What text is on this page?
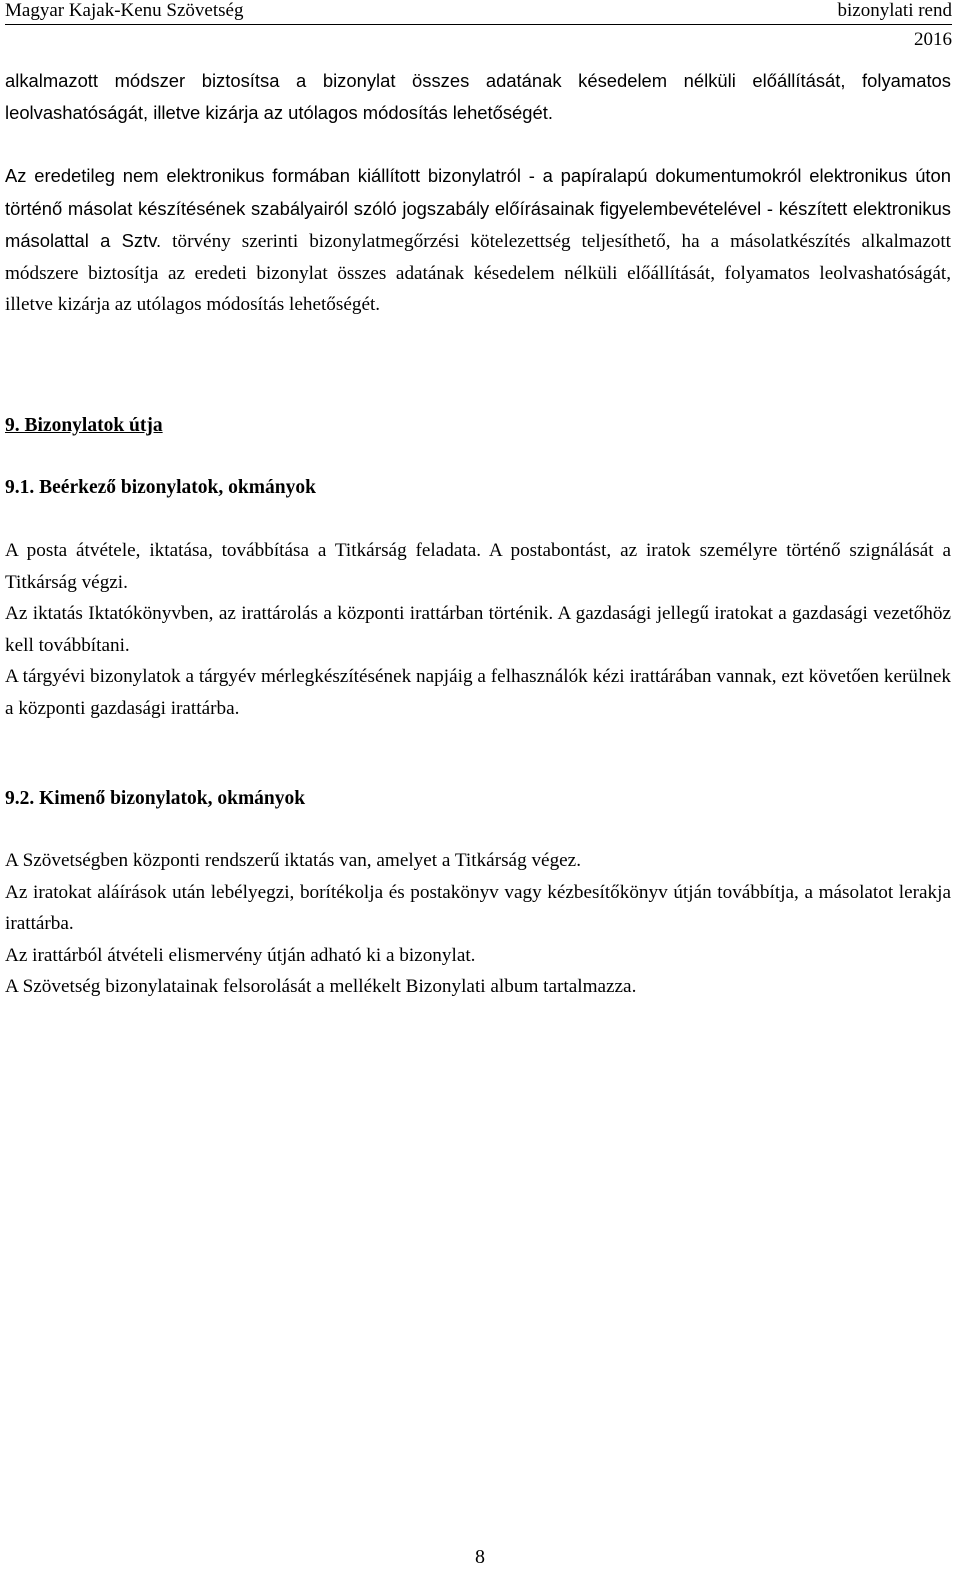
Magyar Kajak-Kenu Szövetség	bizonylati rend
2016

alkalmazott módszer biztosítsa a bizonylat összes adatának késedelem nélküli előállítását, folyamatos leolvashatóságát, illetve kizárja az utólagos módosítás lehetőségét.

Az eredetileg nem elektronikus formában kiállított bizonylatról - a papíralapú dokumentumokról elektronikus úton történő másolat készítésének szabályairól szóló jogszabály előírásainak figyelembevételével - készített elektronikus másolattal a Sztv. törvény szerinti bizonylatmegőrzési kötelezettség teljesíthető, ha a másolatkészítés alkalmazott módszere biztosítja az eredeti bizonylat összes adatának késedelem nélküli előállítását, folyamatos leolvashatóságát, illetve kizárja az utólagos módosítás lehetőségét.

9. Bizonylatok útja
9.1. Beérkező bizonylatok, okmányok

A posta átvétele, iktatása, továbbítása a Titkárság feladata. A postabontást, az iratok személyre történő szignálását a Titkárság végzi.

Az iktatás Iktatókönyvben, az irattárolás a központi irattárban történik. A gazdasági jellegű iratokat a gazdasági vezetőhöz kell továbbítani.

A tárgyévi bizonylatok a tárgyév mérlegkészítésének napjáig a felhasználók kézi irattárában vannak, ezt követően kerülnek a központi gazdasági irattárba.

9.2. Kimenő bizonylatok, okmányok

A Szövetségben központi rendszerű iktatás van, amelyet a Titkárság végez.

Az iratokat aláírások után lebélyegzi, borítékolja és postakönyv vagy kézbesítőkönyv útján továbbítja, a másolatot lerakja irattárba.

Az irattárból átvételi elismervény útján adható ki a bizonylat.

A Szövetség bizonylatainak felsorolását a mellékelt Bizonylati album tartalmazza.

8
